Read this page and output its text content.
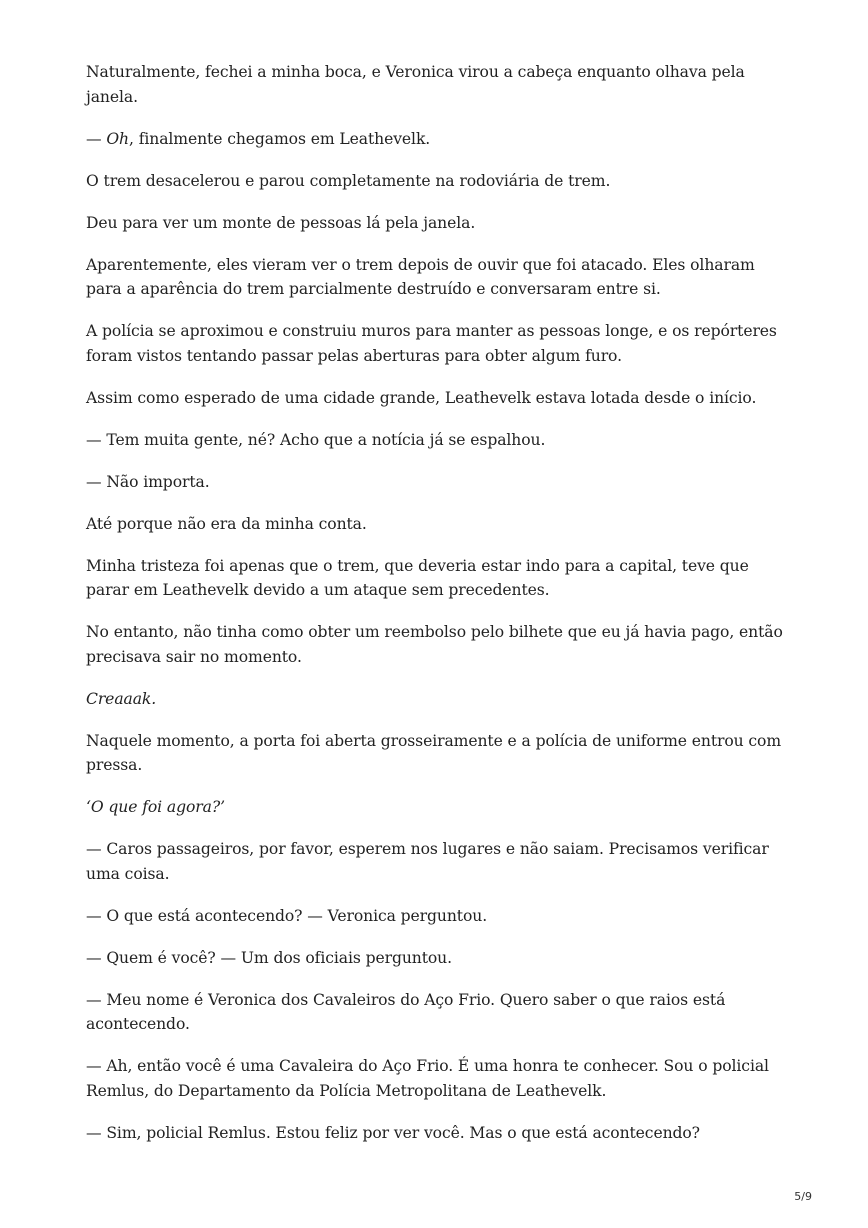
Naturalmente, fechei a minha boca, e Veronica virou a cabeça enquanto olhava pela janela.

— Oh, finalmente chegamos em Leathevelk.

O trem desacelerou e parou completamente na rodoviária de trem.

Deu para ver um monte de pessoas lá pela janela.

Aparentemente, eles vieram ver o trem depois de ouvir que foi atacado. Eles olharam para a aparência do trem parcialmente destruído e conversaram entre si.

A polícia se aproximou e construiu muros para manter as pessoas longe, e os repórteres foram vistos tentando passar pelas aberturas para obter algum furo.

Assim como esperado de uma cidade grande, Leathevelk estava lotada desde o início.

— Tem muita gente, né? Acho que a notícia já se espalhou.

— Não importa.

Até porque não era da minha conta.

Minha tristeza foi apenas que o trem, que deveria estar indo para a capital, teve que parar em Leathevelk devido a um ataque sem precedentes.

No entanto, não tinha como obter um reembolso pelo bilhete que eu já havia pago, então precisava sair no momento.

Creaaak.

Naquele momento, a porta foi aberta grosseiramente e a polícia de uniforme entrou com pressa.

‘O que foi agora?’

— Caros passageiros, por favor, esperem nos lugares e não saiam. Precisamos verificar uma coisa.

— O que está acontecendo? — Veronica perguntou.

— Quem é você? — Um dos oficiais perguntou.

— Meu nome é Veronica dos Cavaleiros do Aço Frio. Quero saber o que raios está acontecendo.

— Ah, então você é uma Cavaleira do Aço Frio. É uma honra te conhecer. Sou o policial Remlus, do Departamento da Polícia Metropolitana de Leathevelk.

— Sim, policial Remlus. Estou feliz por ver você. Mas o que está acontecendo?

5/9
